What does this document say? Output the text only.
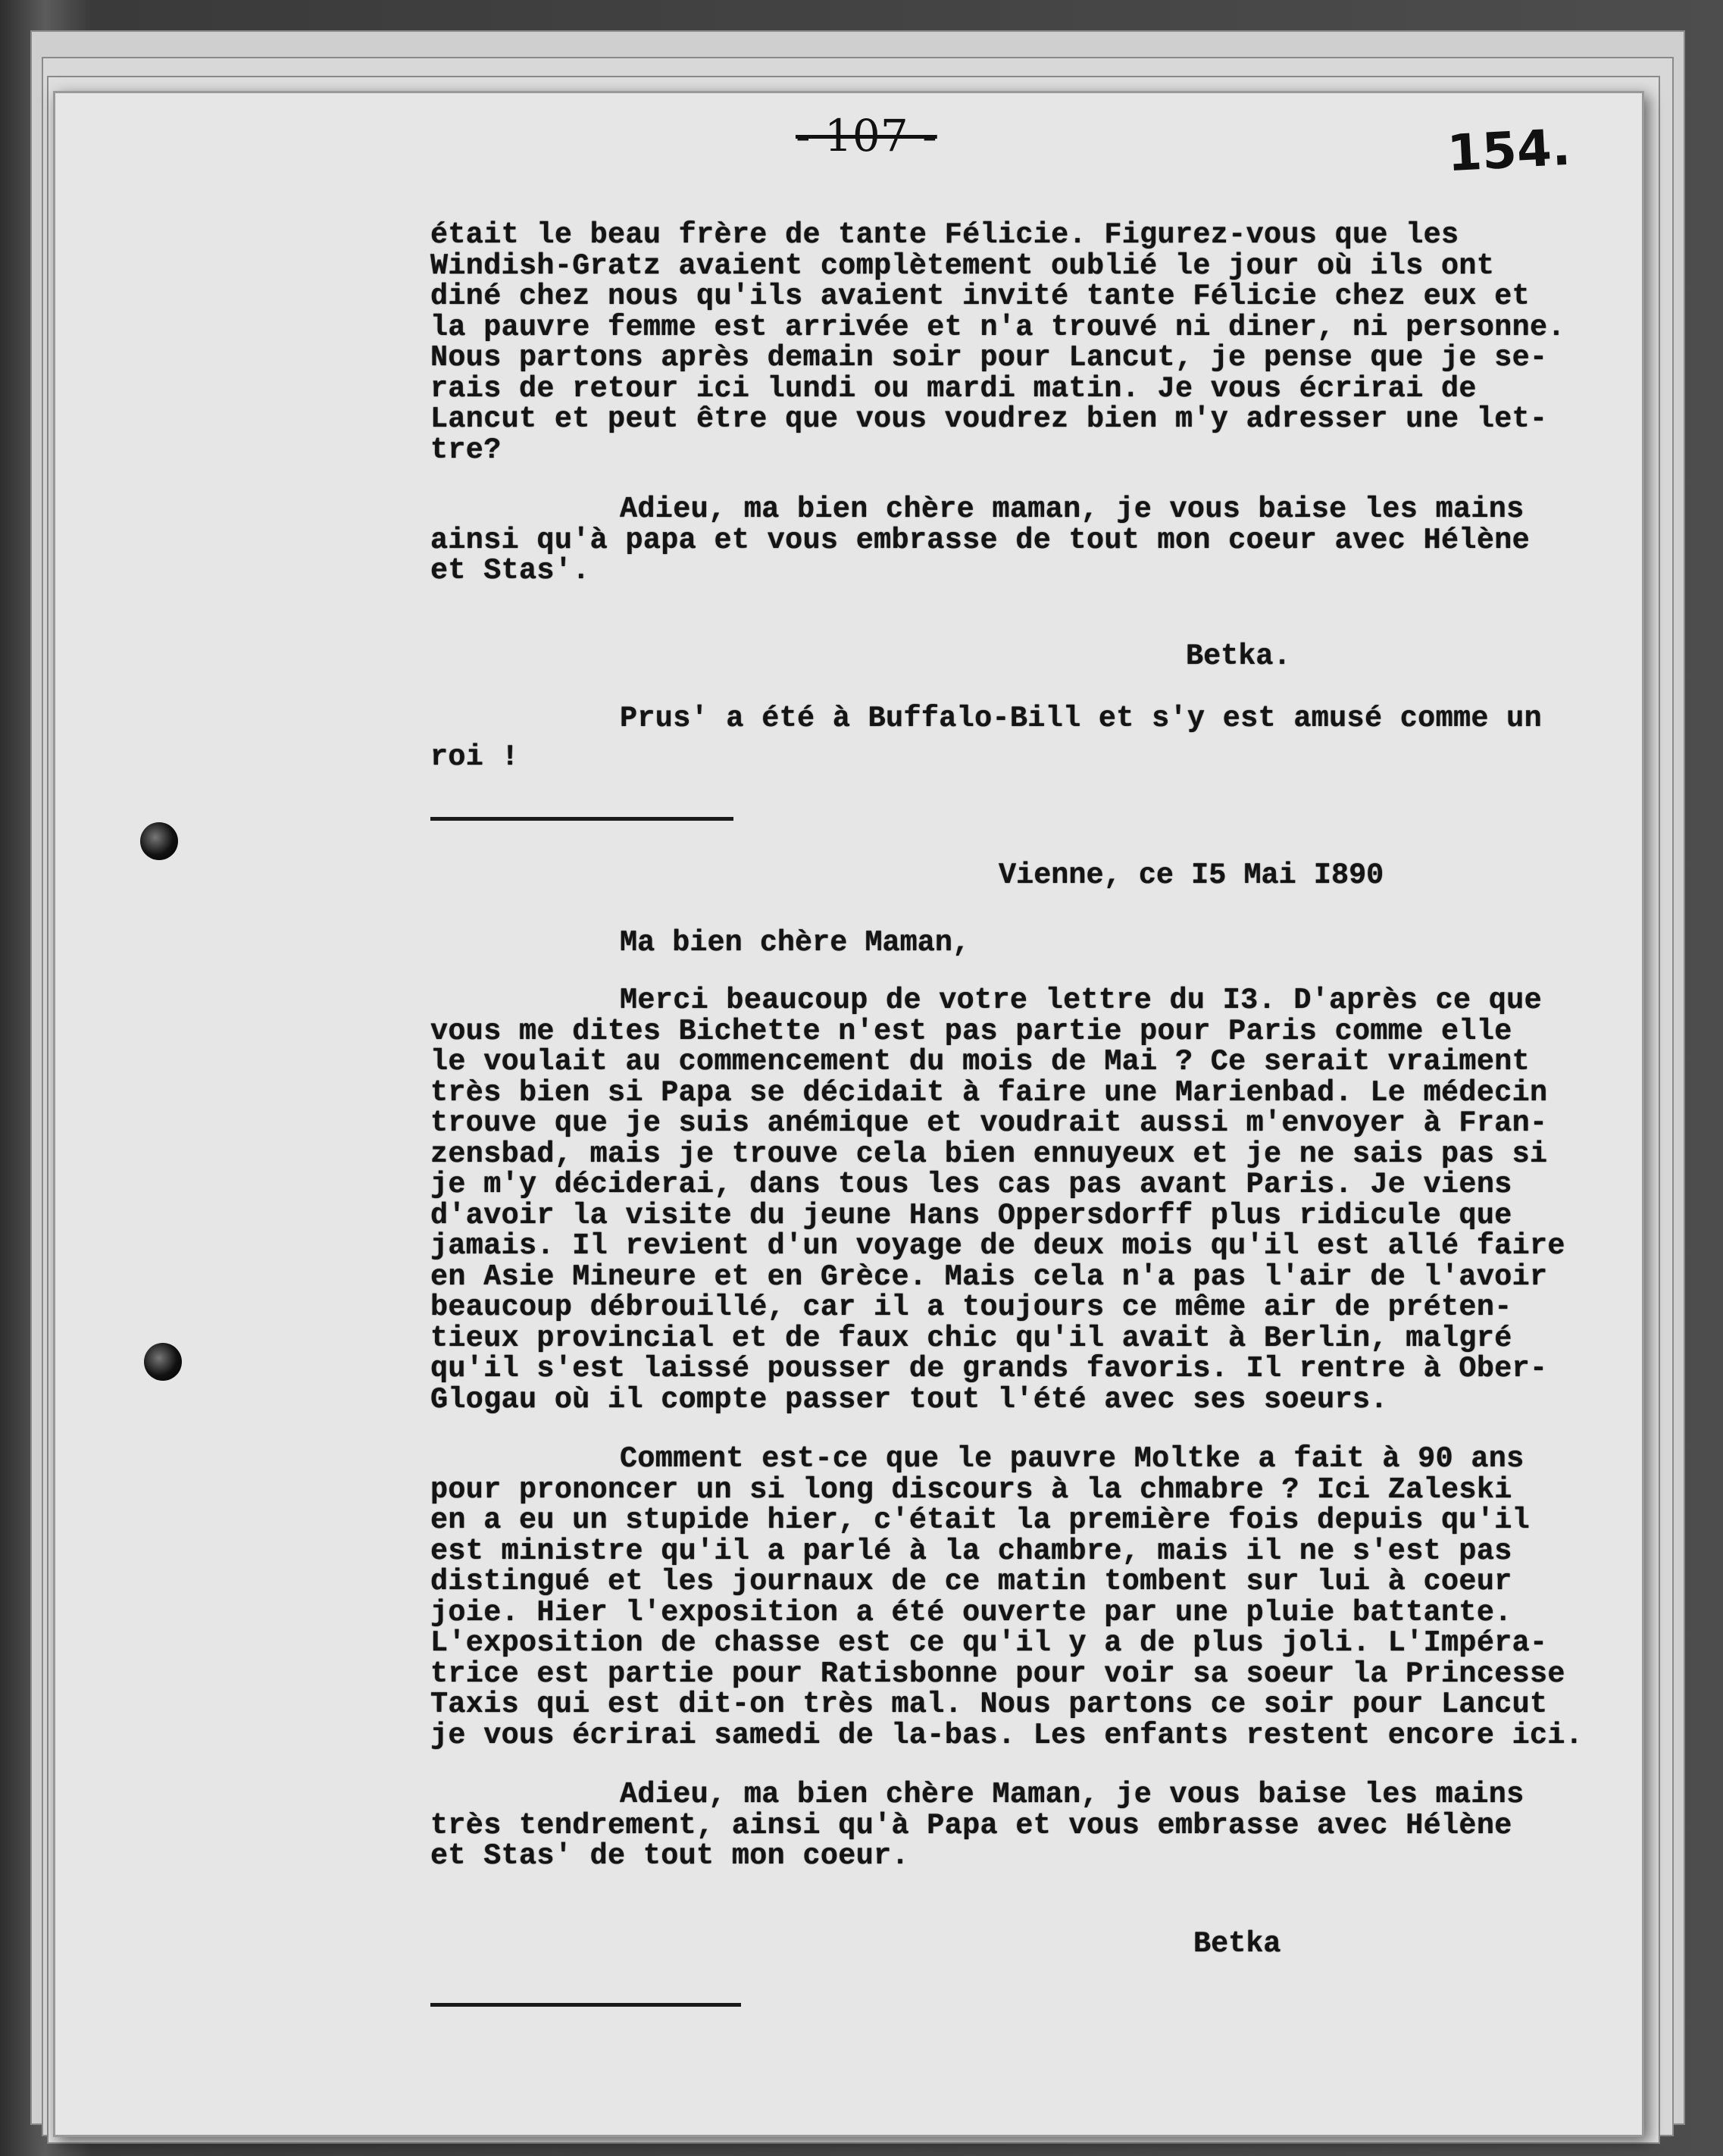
- 107 -	154.
était le beau frère de tante Félicie. Figurez-vous que les
Windish-Gratz avaient complètement oublié le jour où ils ont
diné chez nous qu'ils avaient invité tante Félicie chez eux et
la pauvre femme est arrivée et n'a trouvé ni diner, ni personne.
Nous partons après demain soir pour Lancut, je pense que je se-
rais de retour ici lundi ou mardi matin. Je vous écrirai de
Lancut et peut être que vous voudrez bien m'y adresser une let-
tre?
Adieu, ma bien chère maman, je vous baise les mains
ainsi qu'à papa et vous embrasse de tout mon coeur avec Hélène
et Stas'.
Betka.
Prus' a été à Buffalo-Bill et s'y est amusé comme un
roi !
Vienne, ce I5 Mai I890
Ma bien chère Maman,
Merci beaucoup de votre lettre du I3. D'après ce que
vous me dites Bichette n'est pas partie pour Paris comme elle
le voulait au commencement du mois de Mai ? Ce serait vraiment
très bien si Papa se décidait à faire une Marienbad. Le médecin
trouve que je suis anémique et voudrait aussi m'envoyer à Fran-
zensbad, mais je trouve cela bien ennuyeux et je ne sais pas si
je m'y déciderai, dans tous les cas pas avant Paris. Je viens
d'avoir la visite du jeune Hans Oppersdorff plus ridicule que
jamais. Il revient d'un voyage de deux mois qu'il est allé faire
en Asie Mineure et en Grèce. Mais cela n'a pas l'air de l'avoir
beaucoup débrouillé, car il a toujours ce même air de préten-
tieux provincial et de faux chic qu'il avait à Berlin, malgré
qu'il s'est laissé pousser de grands favoris. Il rentre à Ober-
Glogau où il compte passer tout l'été avec ses soeurs.
Comment est-ce que le pauvre Moltke a fait à 90 ans
pour prononcer un si long discours à la chmabre ? Ici Zaleski
en a eu un stupide hier, c'était la première fois depuis qu'il
est ministre qu'il a parlé à la chambre, mais il ne s'est pas
distingué et les journaux de ce matin tombent sur lui à coeur
joie. Hier l'exposition a été ouverte par une pluie battante.
L'exposition de chasse est ce qu'il y a de plus joli. L'Impéra-
trice est partie pour Ratisbonne pour voir sa soeur la Princesse
Taxis qui est dit-on très mal. Nous partons ce soir pour Lancut
je vous écrirai samedi de la-bas. Les enfants restent encore ici.
Adieu, ma bien chère Maman, je vous baise les mains
très tendrement, ainsi qu'à Papa et vous embrasse avec Hélène
et Stas' de tout mon coeur.
Betka
